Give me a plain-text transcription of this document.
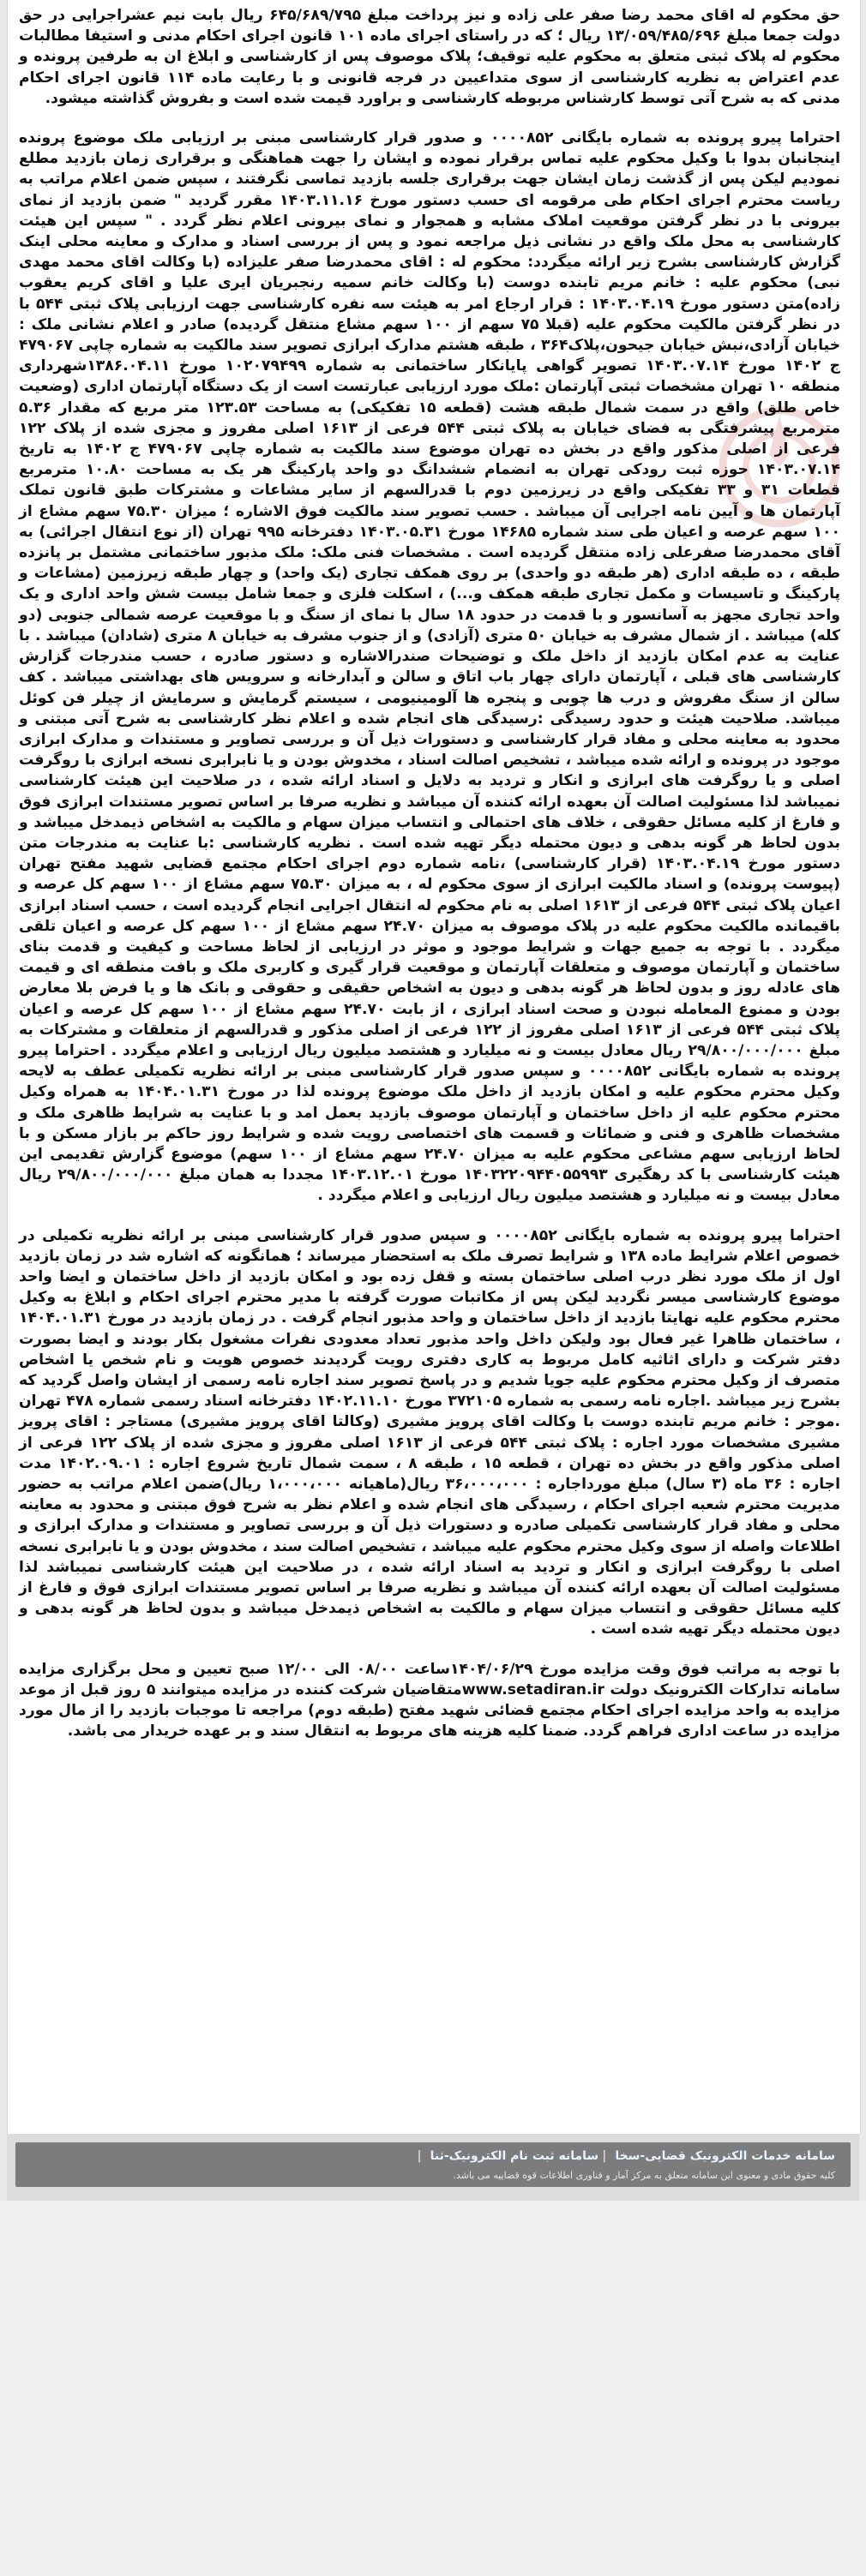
حق محکوم له اقای محمد رضا صفر علی زاده و نیز پرداخت مبلغ ۶۴۵/۶۸۹/۷۹۵ ریال بابت نیم عشراجرایی در حق دولت جمعا مبلغ ۱۳/۰۵۹/۴۸۵/۶۹۶ ریال ؛ که در راستای اجرای ماده ۱۰۱ قانون اجرای احکام مدنی و استیفا مطالبات محکوم له پلاک ثبتی متعلق به محکوم علیه توقیف؛ پلاک موصوف پس از کارشناسی و ابلاغ ان به طرفین پرونده و عدم اعتراض به نظریه کارشناسی از سوی متداعیین در فرجه قانونی و با رعایت ماده ۱۱۴ قانون اجرای احکام مدنی که به شرح آتی توسط کارشناس مربوطه کارشناسی و براورد قیمت شده است و بفروش گذاشته میشود.

احتراما پیرو پرونده به شماره بایگانی ۰۰۰۰۸۵۲ و صدور قرار کارشناسی مبنی بر ارزیابی ملک موضوع پرونده اینجانبان بدوا با وکیل محکوم علیه تماس برقرار نموده و ایشان را جهت هماهنگی و برقراری زمان بازدید مطلع نمودیم لیکن پس از گذشت زمان ایشان جهت برقراری جلسه بازدید تماسی نگرفتند ، سپس ضمن اعلام مراتب به ریاست محترم اجرای احکام طی مرقومه ای حسب دستور مورخ ۱۴۰۳.۱۱.۱۶ مقرر گردید " ضمن بازدید از نمای بیرونی با در نظر گرفتن موقعیت املاک مشابه و همجوار و نمای بیرونی اعلام نظر گردد . " سپس این هیئت کارشناسی به محل ملک واقع در نشانی ذیل مراجعه نمود و پس از بررسی اسناد و مدارک و معاینه محلی اینک گزارش کارشناسی بشرح زیر ارائه میگردد: محکوم له : اقای محمدرضا صفر علیزاده (با وکالت اقای محمد مهدی نبی) محکوم علیه : خانم مریم تابنده دوست (با وکالت خانم سمیه رنجبریان ایری علیا و اقای کریم یعقوب زاده)متن دستور مورخ ۱۴۰۳.۰۴.۱۹ : قرار ارجاع امر به هیئت سه نفره کارشناسی جهت ارزیابی پلاک ثبتی ۵۴۴ با در نظر گرفتن مالکیت محکوم علیه (قبلا ۷۵ سهم از ۱۰۰ سهم مشاع منتقل گردیده) صادر و اعلام نشانی ملک : خیابان آزادی،نبش خیابان جیحون،پلاک۳۶۴ ، طبقه هشتم مدارک ابرازی تصویر سند مالکیت به شماره چاپی ۴۷۹۰۶۷ ج ۱۴۰۲ مورخ ۱۴۰۳.۰۷.۱۴ تصویر گواهی پایانکار ساختمانی به شماره ۱۰۲۰۷۹۴۹۹ مورخ ۱۳۸۶.۰۴.۱۱شهرداری منطقه ۱۰ تهران مشخصات ثبتی آپارتمان :ملک مورد ارزیابی عبارتست است از یک دستگاه آپارتمان اداری (وضعیت خاص طلق) واقع در سمت شمال طبقه هشت (قطعه ۱۵ تفکیکی) به مساحت ۱۲۳.۵۳ متر مربع که مقدار ۵.۳۶ مترمربع پیشرفتگی به فضای خیابان به پلاک ثبتی ۵۴۴ فرعی از ۱۶۱۳ اصلی مفروز و مجزی شده از پلاک ۱۲۲ فرعی از اصلی مذکور واقع در بخش ده تهران موضوع سند مالکیت به شماره چاپی ۴۷۹۰۶۷ ج ۱۴۰۲ به تاریخ ۱۴۰۳.۰۷.۱۴ حوزه ثبت رودکی تهران به انضمام ششدانگ دو واحد پارکینگ هر یک به مساحت ۱۰.۸۰ مترمربع قطعات ۳۱ و ۳۳ تفکیکی واقع در زیرزمین دوم با قدرالسهم از سایر مشاعات و مشترکات طبق قانون تملک آپارتمان ها و آیین نامه اجرایی آن میباشد . حسب تصویر سند مالکیت فوق الاشاره ؛ میزان ۷۵.۳۰ سهم مشاع از ۱۰۰ سهم عرصه و اعیان طی سند شماره ۱۴۶۸۵ مورخ ۱۴۰۳.۰۵.۳۱ دفترخانه ۹۹۵ تهران (از نوع انتقال اجرائی) به آقای محمدرضا صفرعلی زاده منتقل گردیده است . مشخصات فنی ملک: ملک مذبور ساختمانی مشتمل بر پانزده طبقه ، ده طبقه اداری (هر طبقه دو واحدی) بر روی همکف تجاری (یک واحد) و چهار طبقه زیرزمین (مشاعات و پارکینگ و تاسیسات و مکمل تجاری طبقه همکف و...) ، اسکلت فلزی و جمعا شامل بیست شش واحد اداری و یک واحد تجاری مجهز به آسانسور و با قدمت در حدود ۱۸ سال با نمای از سنگ و با موقعیت عرصه شمالی جنوبی (دو کله) میباشد . از شمال مشرف به خیابان ۵۰ متری (آزادی) و از جنوب مشرف به خیابان ۸ متری (شادان) میباشد . با عنایت به عدم امکان بازدید از داخل ملک و توضیحات صندرالاشاره و دستور صادره ، حسب مندرجات گزارش کارشناسی های قبلی ، آپارتمان دارای چهار باب اتاق و سالن و آبدارخانه و سرویس های بهداشتی میباشد . کف سالن از سنگ مفروش و درب ها چوبی و پنجره ها آلومینیومی ، سیستم گرمایش و سرمایش از چیلر فن کوئل میباشد. صلاحیت هیئت و حدود رسیدگی :رسیدگی های انجام شده و اعلام نظر کارشناسی به شرح آتی مبتنی و محدود به معاینه محلی و مفاد قرار کارشناسی و دستورات ذیل آن و بررسی تصاویر و مستندات و مدارک ابرازی موجود در پرونده و ارائه شده میباشد ، تشخیص اصالت اسناد ، مخدوش بودن و یا نابرابری نسخه ابرازی با روگرفت اصلی و یا روگرفت های ابرازی و انکار و تردید به دلایل و اسناد ارائه شده ، در صلاحیت این هیئت کارشناسی نمیباشد لذا مسئولیت اصالت آن بعهده ارائه کننده آن میباشد و نظریه صرفا بر اساس تصویر مستندات ابرازی فوق و فارغ از کلیه مسائل حقوقی ، خلاف های احتمالی و انتساب میزان سهام و مالکیت به اشخاص ذیمدخل میباشد و بدون لحاظ هر گونه بدهی و دیون محتمله دیگر تهیه شده است . نظریه کارشناسی :با عنایت به مندرجات متن دستور مورخ ۱۴۰۳.۰۴.۱۹ (قرار کارشناسی) ،نامه شماره دوم اجرای احکام مجتمع قضایی شهید مفتح تهران (پیوست پرونده) و اسناد مالکیت ابرازی از سوی محکوم له ، به میزان ۷۵.۳۰ سهم مشاع از ۱۰۰ سهم کل عرصه و اعیان پلاک ثبتی ۵۴۴ فرعی از ۱۶۱۳ اصلی به نام محکوم له انتقال اجرایی انجام گردیده است ، حسب اسناد ابرازی باقیمانده مالکیت محکوم علیه در پلاک موصوف به میزان ۲۴.۷۰ سهم مشاع از ۱۰۰ سهم کل عرصه و اعیان تلقی میگردد . با توجه به جمیع جهات و شرایط موجود و موثر در ارزیابی از لحاظ مساحت و کیفیت و قدمت بنای ساختمان و آپارتمان موصوف و متعلقات آپارتمان و موقعیت قرار گیری و کاربری ملک و بافت منطقه ای و قیمت های عادله روز و بدون لحاظ هر گونه بدهی و دیون به اشخاص حقیقی و حقوقی و بانک ها و یا فرض بلا معارض بودن و ممنوع المعامله نبودن و صحت اسناد ابرازی ، از بابت ۲۴.۷۰ سهم مشاع از ۱۰۰ سهم کل عرصه و اعیان پلاک ثبتی ۵۴۴ فرعی از ۱۶۱۳ اصلی مفروز از ۱۲۲ فرعی از اصلی مذکور و قدرالسهم از متعلقات و مشترکات به مبلغ ۲۹/۸۰۰/۰۰۰/۰۰۰ ریال معادل بیست و نه میلیارد و هشتصد میلیون ریال ارزیابی و اعلام میگردد . احتراما پیرو پرونده به شماره بایگانی ۰۰۰۰۸۵۲ و سپس صدور قرار کارشناسی مبنی بر ارائه نظریه تکمیلی عطف به لایحه وکیل محترم محکوم علیه و امکان بازدید از داخل ملک موضوع پرونده لذا در مورخ ۱۴۰۴.۰۱.۳۱ به همراه وکیل محترم محکوم علیه از داخل ساختمان و آپارتمان موصوف بازدید بعمل امد و با عنایت به شرایط ظاهری ملک و مشخصات ظاهری و فنی و ضمائات و قسمت های اختصاصی رویت شده و شرایط روز حاکم بر بازار مسکن و با لحاظ ارزیابی سهم مشاعی محکوم علیه به میزان ۲۴.۷۰ سهم مشاع از ۱۰۰ سهم) موضوع گزارش تقدیمی این هیئت کارشناسی با کد رهگیری ۱۴۰۳۲۲۰۹۴۴۰۵۵۹۹۳ مورخ ۱۴۰۳.۱۲.۰۱ مجددا به همان مبلغ ۲۹/۸۰۰/۰۰۰/۰۰۰ ریال معادل بیست و نه میلیارد و هشتصد میلیون ریال ارزیابی و اعلام میگردد .

احتراما پیرو پرونده به شماره بایگانی ۰۰۰۰۸۵۲ و سپس صدور قرار کارشناسی مبنی بر ارائه نظریه تکمیلی در خصوص اعلام شرایط ماده ۱۳۸ و شرایط تصرف ملک به استحضار میرساند ؛ همانگونه که اشاره شد در زمان بازدید اول از ملک مورد نظر درب اصلی ساختمان بسته و قفل زده بود و امکان بازدید از داخل ساختمان و ایضا واحد موضوع کارشناسی میسر نگردید لیکن پس از مکاتبات صورت گرفته با مدیر محترم اجرای احکام و ابلاغ به وکیل محترم محکوم علیه نهایتا بازدید از داخل ساختمان و واحد مذبور انجام گرفت . در زمان بازدید در مورخ ۱۴۰۴.۰۱.۳۱ ، ساختمان ظاهرا غیر فعال بود ولیکن داخل واحد مذبور تعداد معدودی نفرات مشغول بکار بودند و ایضا بصورت دفتر شرکت و دارای اثاثیه کامل مربوط به کاری دفتری رویت گردیدند خصوص هویت و نام شخص یا اشخاص متصرف از وکیل محترم محکوم علیه جویا شدیم و در پاسخ تصویر سند اجاره نامه رسمی از ایشان واصل گردید که بشرح زیر میباشد .اجاره نامه رسمی به شماره ۳۷۲۱۰۵ مورخ ۱۴۰۲.۱۱.۱۰ دفترخانه اسناد رسمی شماره ۴۷۸ تهران .موجر : خانم مریم تابنده دوست با وکالت اقای پرویز مشیری (وکالتا اقای پرویز مشیری) مستاجر : اقای پرویز مشیری مشخصات مورد اجاره : پلاک ثبتی ۵۴۴ فرعی از ۱۶۱۳ اصلی مفروز و مجزی شده از پلاک ۱۲۲ فرعی از اصلی مذکور واقع در بخش ده تهران ، قطعه ۱۵ ، طبقه ۸ ، سمت شمال تاریخ شروع اجاره : ۱۴۰۲.۰۹.۰۱ مدت اجاره : ۳۶ ماه (۳ سال) مبلغ مورداجاره : ۳۶،۰۰۰،۰۰۰ ریال(ماهیانه ۱،۰۰۰،۰۰۰ ریال)ضمن اعلام مراتب به حضور مدیریت محترم شعبه اجرای احکام ، رسیدگی های انجام شده و اعلام نظر به شرح فوق مبتنی و محدود به معاینه محلی و مفاد قرار کارشناسی تکمیلی صادره و دستورات ذیل آن و بررسی تصاویر و مستندات و مدارک ابرازی و اطلاعات واصله از سوی وکیل محترم محکوم علیه میباشد ، تشخیص اصالت سند ، مخدوش بودن و یا نابرابری نسخه اصلی با روگرفت ابرازی و انکار و تردید به اسناد ارائه شده ، در صلاحیت این هیئت کارشناسی نمیباشد لذا مسئولیت اصالت آن بعهده ارائه کننده آن میباشد و نظریه صرفا بر اساس تصویر مستندات ابرازی فوق و فارغ از کلیه مسائل حقوقی و انتساب میزان سهام و مالکیت به اشخاص ذیمدخل میباشد و بدون لحاظ هر گونه بدهی و دیون محتمله دیگر تهیه شده است .

با توجه به مراتب فوق وقت مزایده مورخ ۱۴۰۴/۰۶/۲۹ساعت ۰۸/۰۰ الی ۱۲/۰۰ صبح تعیین و محل برگزاری مزایده سامانه تدارکات الکترونیک دولت www.setadiran.irمتقاضیان شرکت کننده در مزایده میتوانند ۵ روز قبل از موعد مزایده به واحد مزایده اجرای احکام مجتمع قضائی شهید مفتح (طبقه دوم) مراجعه تا موجبات بازدید را از مال مورد مزایده در ساعت اداری فراهم گردد. ضمنا کلیه هزینه های مربوط به انتقال سند و بر عهده خریدار می باشد.

سامانه خدمات الکترونیک قضایی-سخا|سامانه ثبت نام الکترونیک-ثنا|
کلیه حقوق مادی و معنوی این سامانه متعلق به مرکز آمار و فناوری اطلاعات قوه قضاییه می باشد.
